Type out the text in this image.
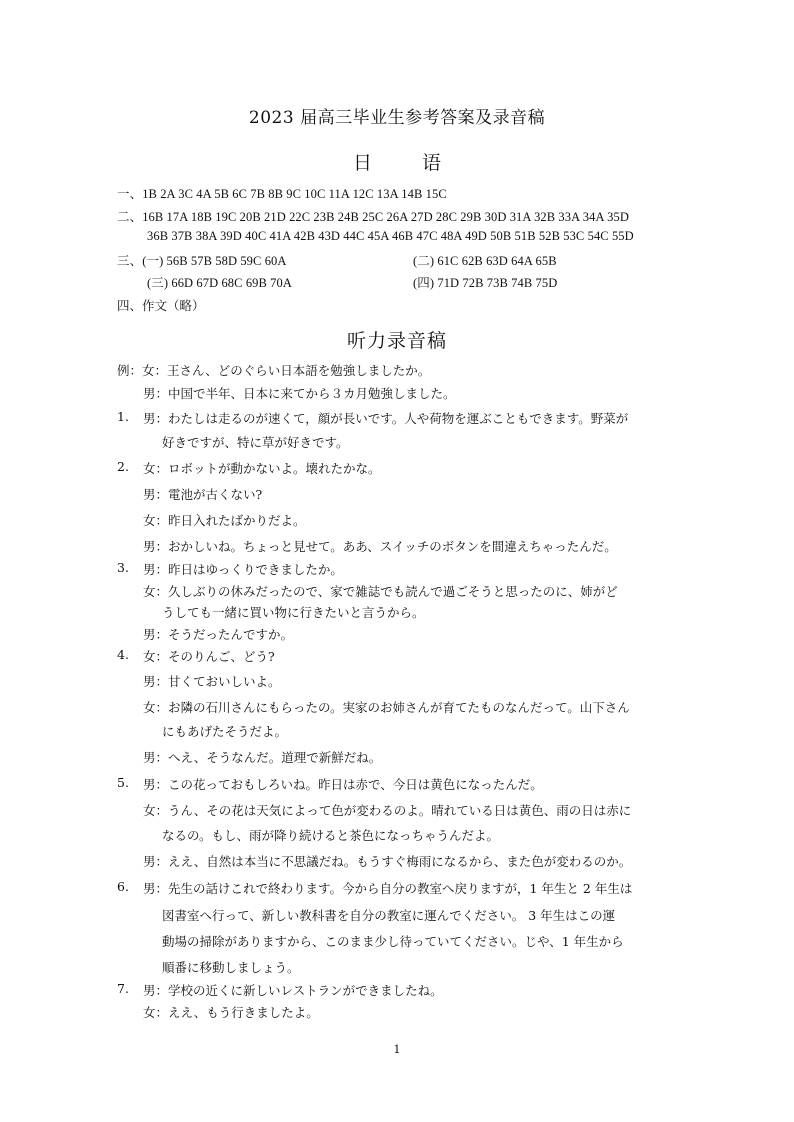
2023 届高三毕业生参考答案及录音稿
日 语
一、1B 2A 3C 4A 5B 6C 7B 8B 9C 10C 11A 12C 13A 14B 15C
二、16B 17A 18B 19C 20B 21D 22C 23B 24B 25C 26A 27D 28C 29B 30D 31A 32B 33A 34A 35D
36B 37B 38A 39D 40C 41A 42B 43D 44C 45A 46B 47C 48A 49D 50B 51B 52B 53C 54C 55D
三、(一) 56B 57B 58D 59C 60A	(二) 61C 62B 63D 64A 65B
(三) 66D 67D 68C 69B 70A	(四) 71D 72B 73B 74B 75D
四、作文（略）
听力录音稿
例：女：王さん、どのぐらい日本語を勉強しましたか。
男：中国で半年、日本に来てから３カ月勉強しました。
1. 男：わたしは走るのが速くて，顔が長いです。人や荷物を運ぶこともできます。野菜が
好きですが、特に草が好きです。
2. 女：ロボットが動かないよ。壊れたかな。
男：電池が古くない?
女：昨日入れたばかりだよ。
男：おかしいね。ちょっと見せて。ああ、スイッチのボタンを間違えちゃったんだ。
3. 男：昨日はゆっくりできましたか。
女：久しぶりの休みだったので、家で雑誌でも読んで過ごそうと思ったのに、姉がど
うしても一緒に買い物に行きたいと言うから。
男：そうだったんですか。
4. 女：そのりんご、どう?
男：甘くておいしいよ。
女：お隣の石川さんにもらったの。実家のお姉さんが育てたものなんだって。山下さん
にもあげたそうだよ。
男：へえ、そうなんだ。道理で新鮮だね。
5. 男：この花っておもしろいね。昨日は赤で、今日は黄色になったんだ。
女：うん、その花は天気によって色が変わるのよ。晴れている日は黄色、雨の日は赤に
なるの。もし、雨が降り続けると茶色になっちゃうんだよ。
男：ええ、自然は本当に不思議だね。もうすぐ梅雨になるから、また色が変わるのか。
6. 男：先生の話けこれで終わります。今から自分の教室へ戻りますが，1 年生と 2 年生は
図書室へ行って、新しい教科書を自分の教室に運んでください。 3 年生はこの運
動場の掃除がありますから、このまま少し待っていてください。じや、1 年生から
順番に移動しましょう。
7. 男：学校の近くに新しいレストランができましたね。
女：ええ、もう行きましたよ。
1
